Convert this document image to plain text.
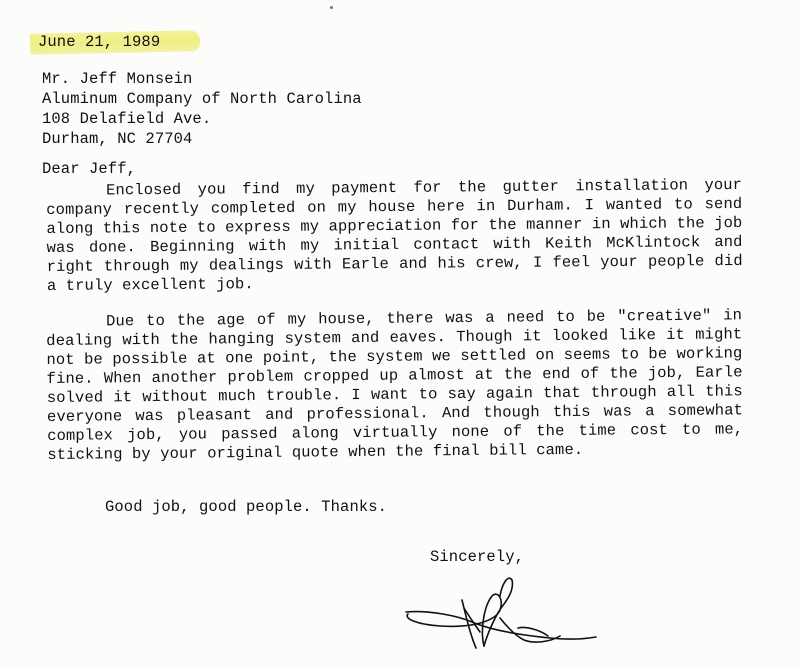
June 21, 1989
Mr. Jeff Monsein
Aluminum Company of North Carolina
108 Delafield Ave.
Durham, NC 27704
Dear Jeff,
Enclosed you find my payment for the gutter installation your company recently completed on my house here in Durham. I wanted to send along this note to express my appreciation for the manner in which the job was done. Beginning with my initial contact with Keith McKlintock and right through my dealings with Earle and his crew, I feel your people did a truly excellent job.
Due to the age of my house, there was a need to be "creative" in dealing with the hanging system and eaves. Though it looked like it might not be possible at one point, the system we settled on seems to be working fine. When another problem cropped up almost at the end of the job, Earle solved it without much trouble. I want to say again that through all this everyone was pleasant and professional. And though this was a somewhat complex job, you passed along virtually none of the time cost to me, sticking by your original quote when the final bill came.
Good job, good people. Thanks.
Sincerely,
